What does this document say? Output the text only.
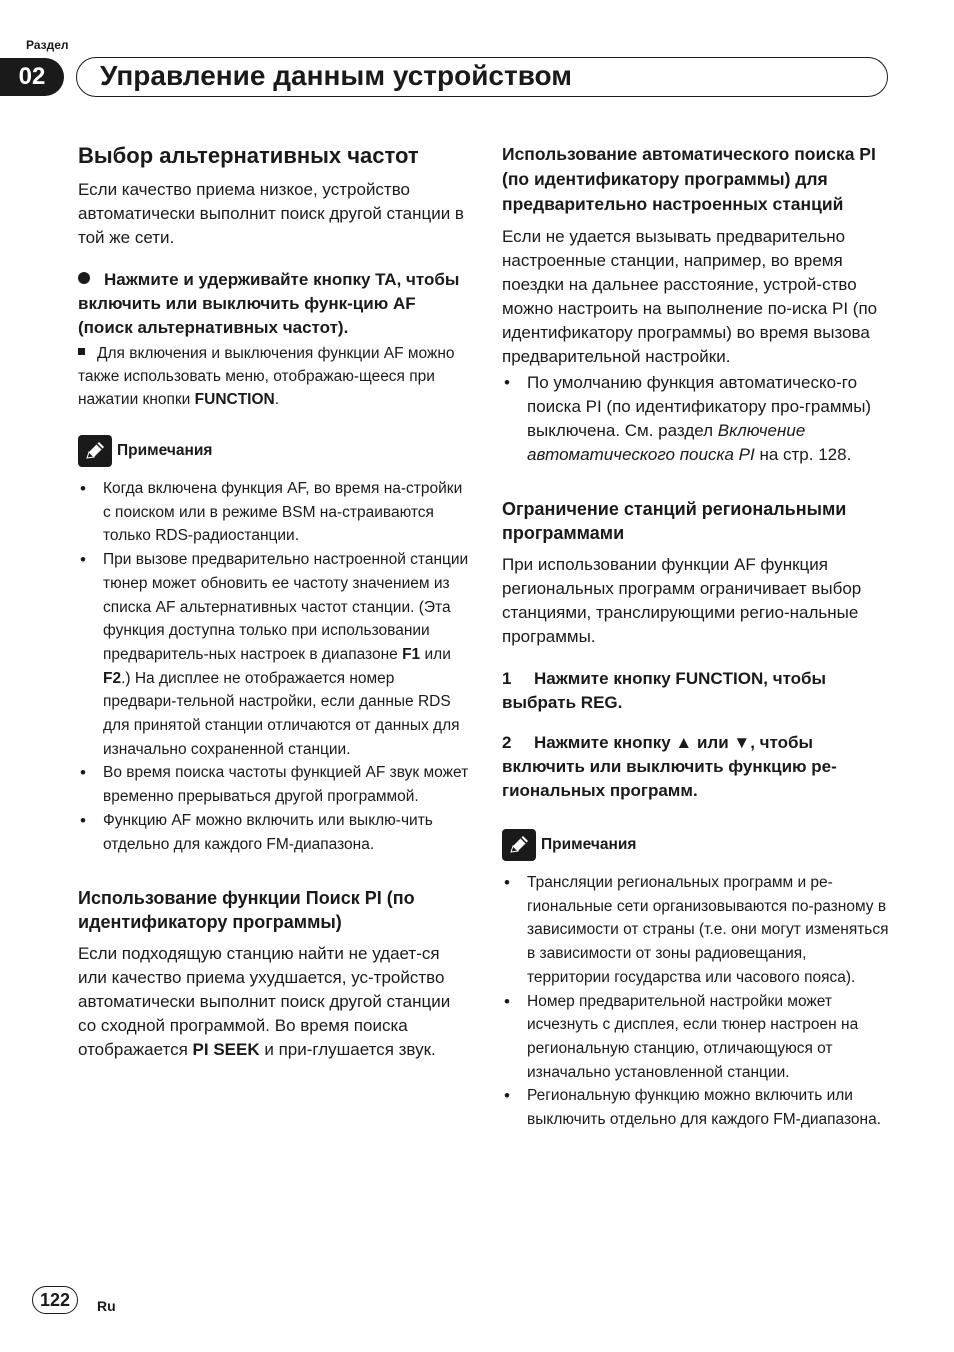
Раздел
02	Управление данным устройством
Выбор альтернативных частот

Если качество приема низкое, устройство автоматически выполнит поиск другой станции в той же сети.

Нажмите и удерживайте кнопку TA, чтобы включить или выключить функ-цию AF (поиск альтернативных частот).

Для включения и выключения функции AF можно также использовать меню, отображаю-щееся при нажатии кнопки FUNCTION.

Примечания
• Когда включена функция AF, во время на-стройки с поиском или в режиме BSM на-страиваются только RDS-радиостанции.
• При вызове предварительно настроенной станции тюнер может обновить ее частоту значением из списка AF альтернативных частот станции. (Эта функция доступна только при использовании предваритель-ных настроек в диапазоне F1 или F2.) На дисплее не отображается номер предвари-тельной настройки, если данные RDS для принятой станции отличаются от данных для изначально сохраненной станции.
• Во время поиска частоты функцией AF звук может временно прерываться другой программой.
• Функцию AF можно включить или выклю-чить отдельно для каждого FM-диапазона.
Использование функции Поиск PI (по идентификатору программы)

Если подходящую станцию найти не удает-ся или качество приема ухудшается, ус-тройство автоматически выполнит поиск другой станции со сходной программой. Во время поиска отображается PI SEEK и при-глушается звук.

Использование автоматического поиска PI (по идентификатору программы) для предварительно настроенных станций

Если не удается вызывать предварительно настроенные станции, например, во время поездки на дальнее расстояние, устрой-ство можно настроить на выполнение по-иска PI (по идентификатору программы) во время вызова предварительной настройки.

• По умолчанию функция автоматическо-го поиска PI (по идентификатору про-граммы) выключена. См. раздел Включение автоматического поиска PI на стр. 128.
Ограничение станций региональными программами

При использовании функции AF функция региональных программ ограничивает выбор станциями, транслирующими регио-нальные программы.

1 Нажмите кнопку FUNCTION, чтобы выбрать REG.

2 Нажмите кнопку ▲ или ▼, чтобы включить или выключить функцию ре-гиональных программ.

Примечания
• Трансляции региональных программ и ре-гиональные сети организовываются по-разному в зависимости от страны (т.е. они могут изменяться в зависимости от зоны радиовещания, территории государства или часового пояса).
• Номер предварительной настройки может исчезнуть с дисплея, если тюнер настроен на региональную станцию, отличающуюся от изначально установленной станции.
• Региональную функцию можно включить или выключить отдельно для каждого FM-диапазона.
122	Ru
